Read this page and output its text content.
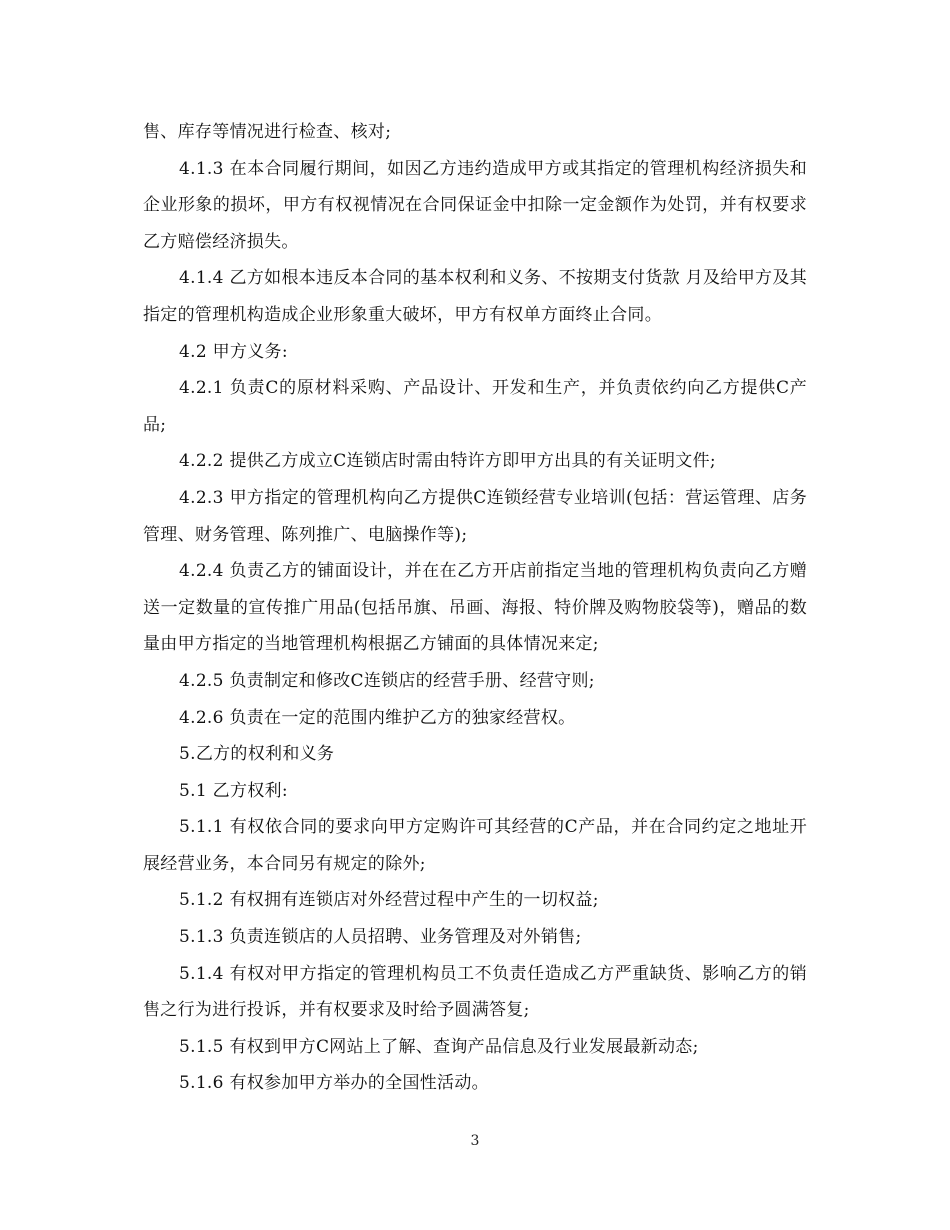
售、库存等情况进行检查、核对;

4.1.3 在本合同履行期间，如因乙方违约造成甲方或其指定的管理机构经济损失和企业形象的损坏，甲方有权视情况在合同保证金中扣除一定金额作为处罚，并有权要求乙方赔偿经济损失。

4.1.4 乙方如根本违反本合同的基本权利和义务、不按期支付货款 月及给甲方及其指定的管理机构造成企业形象重大破坏，甲方有权单方面终止合同。

4.2 甲方义务:

4.2.1 负责C的原材料采购、产品设计、开发和生产，并负责依约向乙方提供C产品;

4.2.2 提供乙方成立C连锁店时需由特许方即甲方出具的有关证明文件;

4.2.3 甲方指定的管理机构向乙方提供C连锁经营专业培训(包括：营运管理、店务管理、财务管理、陈列推广、电脑操作等);

4.2.4 负责乙方的铺面设计，并在在乙方开店前指定当地的管理机构负责向乙方赠送一定数量的宣传推广用品(包括吊旗、吊画、海报、特价牌及购物胶袋等)，赠品的数量由甲方指定的当地管理机构根据乙方铺面的具体情况来定;

4.2.5 负责制定和修改C连锁店的经营手册、经营守则;

4.2.6 负责在一定的范围内维护乙方的独家经营权。

5.乙方的权利和义务

5.1 乙方权利:

5.1.1 有权依合同的要求向甲方定购许可其经营的C产品，并在合同约定之地址开展经营业务，本合同另有规定的除外;

5.1.2 有权拥有连锁店对外经营过程中产生的一切权益;

5.1.3 负责连锁店的人员招聘、业务管理及对外销售;

5.1.4 有权对甲方指定的管理机构员工不负责任造成乙方严重缺货、影响乙方的销售之行为进行投诉，并有权要求及时给予圆满答复;

5.1.5 有权到甲方C网站上了解、查询产品信息及行业发展最新动态;

5.1.6 有权参加甲方举办的全国性活动。

3
